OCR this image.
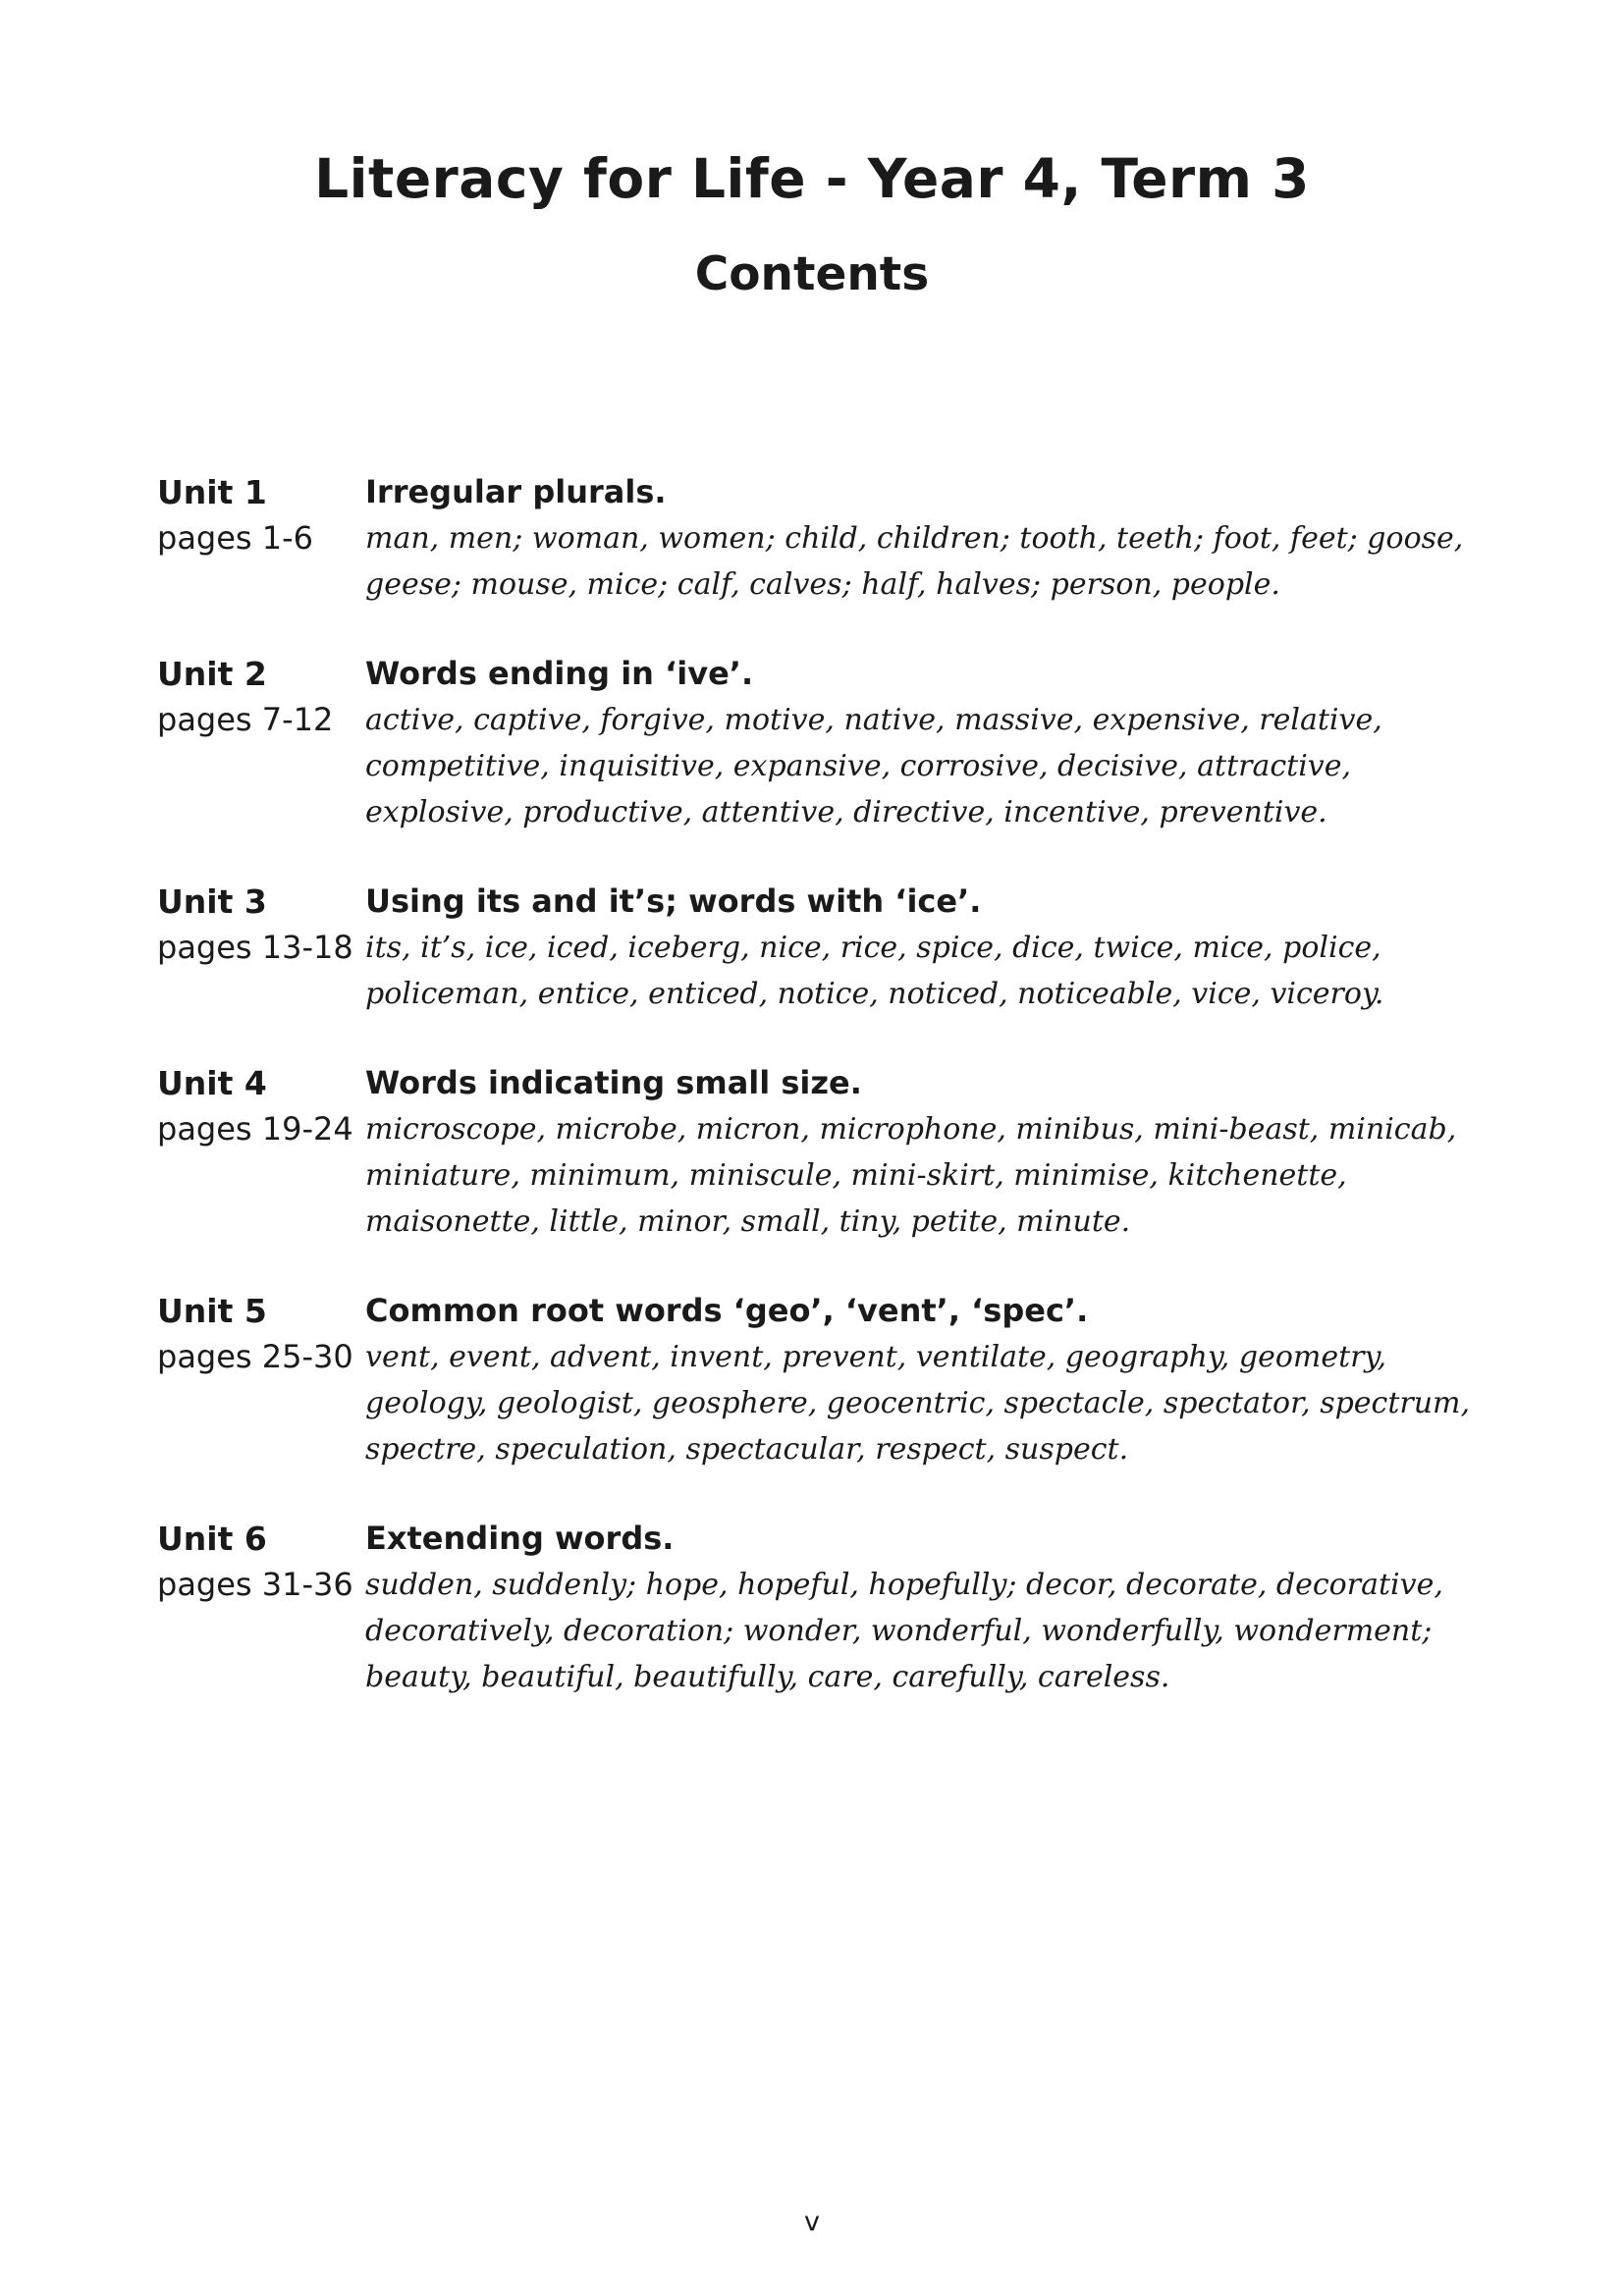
Literacy for Life - Year 4, Term 3
Contents
Unit 1
pages 1-6
Irregular plurals.
man, men; woman, women; child, children; tooth, teeth; foot, feet; goose, geese; mouse, mice; calf, calves; half, halves; person, people.
Unit 2
pages 7-12
Words ending in ‘ive’.
active, captive, forgive, motive, native, massive, expensive, relative, competitive, inquisitive, expansive, corrosive, decisive, attractive, explosive, productive, attentive, directive, incentive, preventive.
Unit 3
pages 13-18
Using its and it’s; words with ‘ice’.
its, it’s, ice, iced, iceberg, nice, rice, spice, dice, twice, mice, police, policeman, entice, enticed, notice, noticed, noticeable, vice, viceroy.
Unit 4
pages 19-24
Words indicating small size.
microscope, microbe, micron, microphone, minibus, mini-beast, minicab, miniature, minimum, miniscule, mini-skirt, minimise, kitchenette, maisonette, little, minor, small, tiny, petite, minute.
Unit 5
pages 25-30
Common root words ‘geo’, ‘vent’, ‘spec’.
vent, event, advent, invent, prevent, ventilate, geography, geometry, geology, geologist, geosphere, geocentric, spectacle, spectator, spectrum, spectre, speculation, spectacular, respect, suspect.
Unit 6
pages 31-36
Extending words.
sudden, suddenly; hope, hopeful, hopefully; decor, decorate, decorative, decoratively, decoration; wonder, wonderful, wonderfully, wonderment; beauty, beautiful, beautifully, care, carefully, careless.
v
